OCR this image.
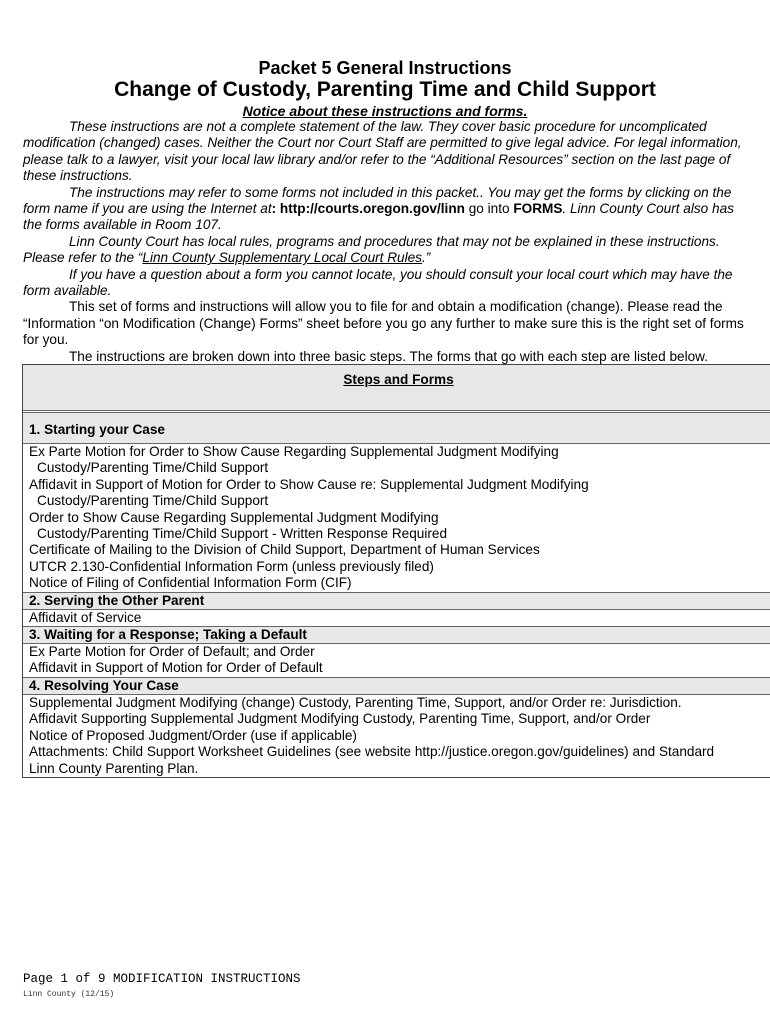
Packet 5 General Instructions
Change of Custody, Parenting Time and Child Support
Notice about these instructions and forms.

These instructions are not a complete statement of the law. They cover basic procedure for uncomplicated modification (changed) cases. Neither the Court nor Court Staff are permitted to give legal advice. For legal information, please talk to a lawyer, visit your local law library and/or refer to the “Additional Resources” section on the last page of these instructions.

The instructions may refer to some forms not included in this packet.. You may get the forms by clicking on the form name if you are using the Internet at: http://courts.oregon.gov/linn go into FORMS. Linn County Court also has the forms available in Room 107.

Linn County Court has local rules, programs and procedures that may not be explained in these instructions. Please refer to the “Linn County Supplementary Local Court Rules.”

If you have a question about a form you cannot locate, you should consult your local court which may have the form available.

This set of forms and instructions will allow you to file for and obtain a modification (change). Please read the “Information “on Modification (Change) Forms” sheet before you go any further to make sure this is the right set of forms for you.

The instructions are broken down into three basic steps. The forms that go with each step are listed below.

Steps and Forms
1. Starting your Case
Ex Parte Motion for Order to Show Cause Regarding Supplemental Judgment Modifying
Custody/Parenting Time/Child Support
Affidavit in Support of Motion for Order to Show Cause re: Supplemental Judgment Modifying
Custody/Parenting Time/Child Support
Order to Show Cause Regarding Supplemental Judgment Modifying
Custody/Parenting Time/Child Support - Written Response Required
Certificate of Mailing to the Division of Child Support, Department of Human Services
UTCR 2.130-Confidential Information Form (unless previously filed)
Notice of Filing of Confidential Information Form (CIF)
2. Serving the Other Parent
Affidavit of Service
3. Waiting for a Response; Taking a Default
Ex Parte Motion for Order of Default; and Order
Affidavit in Support of Motion for Order of Default
4. Resolving Your Case
Supplemental Judgment Modifying (change) Custody, Parenting Time, Support, and/or Order re: Jurisdiction.
Affidavit Supporting Supplemental Judgment Modifying Custody, Parenting Time, Support, and/or Order
Notice of Proposed Judgment/Order (use if applicable)
Attachments: Child Support Worksheet Guidelines (see website http://justice.oregon.gov/guidelines) and Standard
Linn County Parenting Plan.
Page 1 of 9 MODIFICATION INSTRUCTIONS
Linn County (12/15)
